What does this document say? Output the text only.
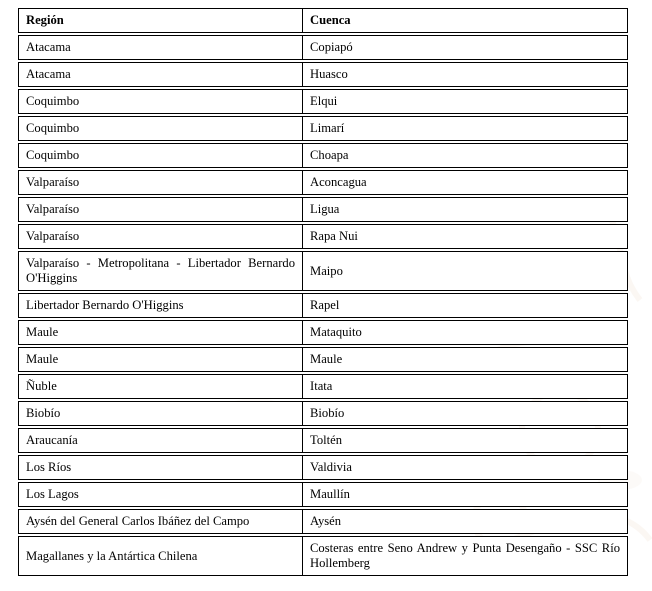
Región	Cuenca
Atacama	Copiapó
Atacama	Huasco
Coquimbo	Elqui
Coquimbo	Limarí
Coquimbo	Choapa
Valparaíso	Aconcagua
Valparaíso	Ligua
Valparaíso	Rapa Nui
Valparaíso - Metropolitana - Libertador Bernardo O'Higgins	Maipo
Libertador Bernardo O'Higgins	Rapel
Maule	Mataquito
Maule	Maule
Ñuble	Itata
Biobío	Biobío
Araucanía	Toltén
Los Ríos	Valdivia
Los Lagos	Maullín
Aysén del General Carlos Ibáñez del Campo	Aysén
Magallanes y la Antártica Chilena	Costeras entre Seno Andrew y Punta Desengaño - SSC Río Hollemberg
